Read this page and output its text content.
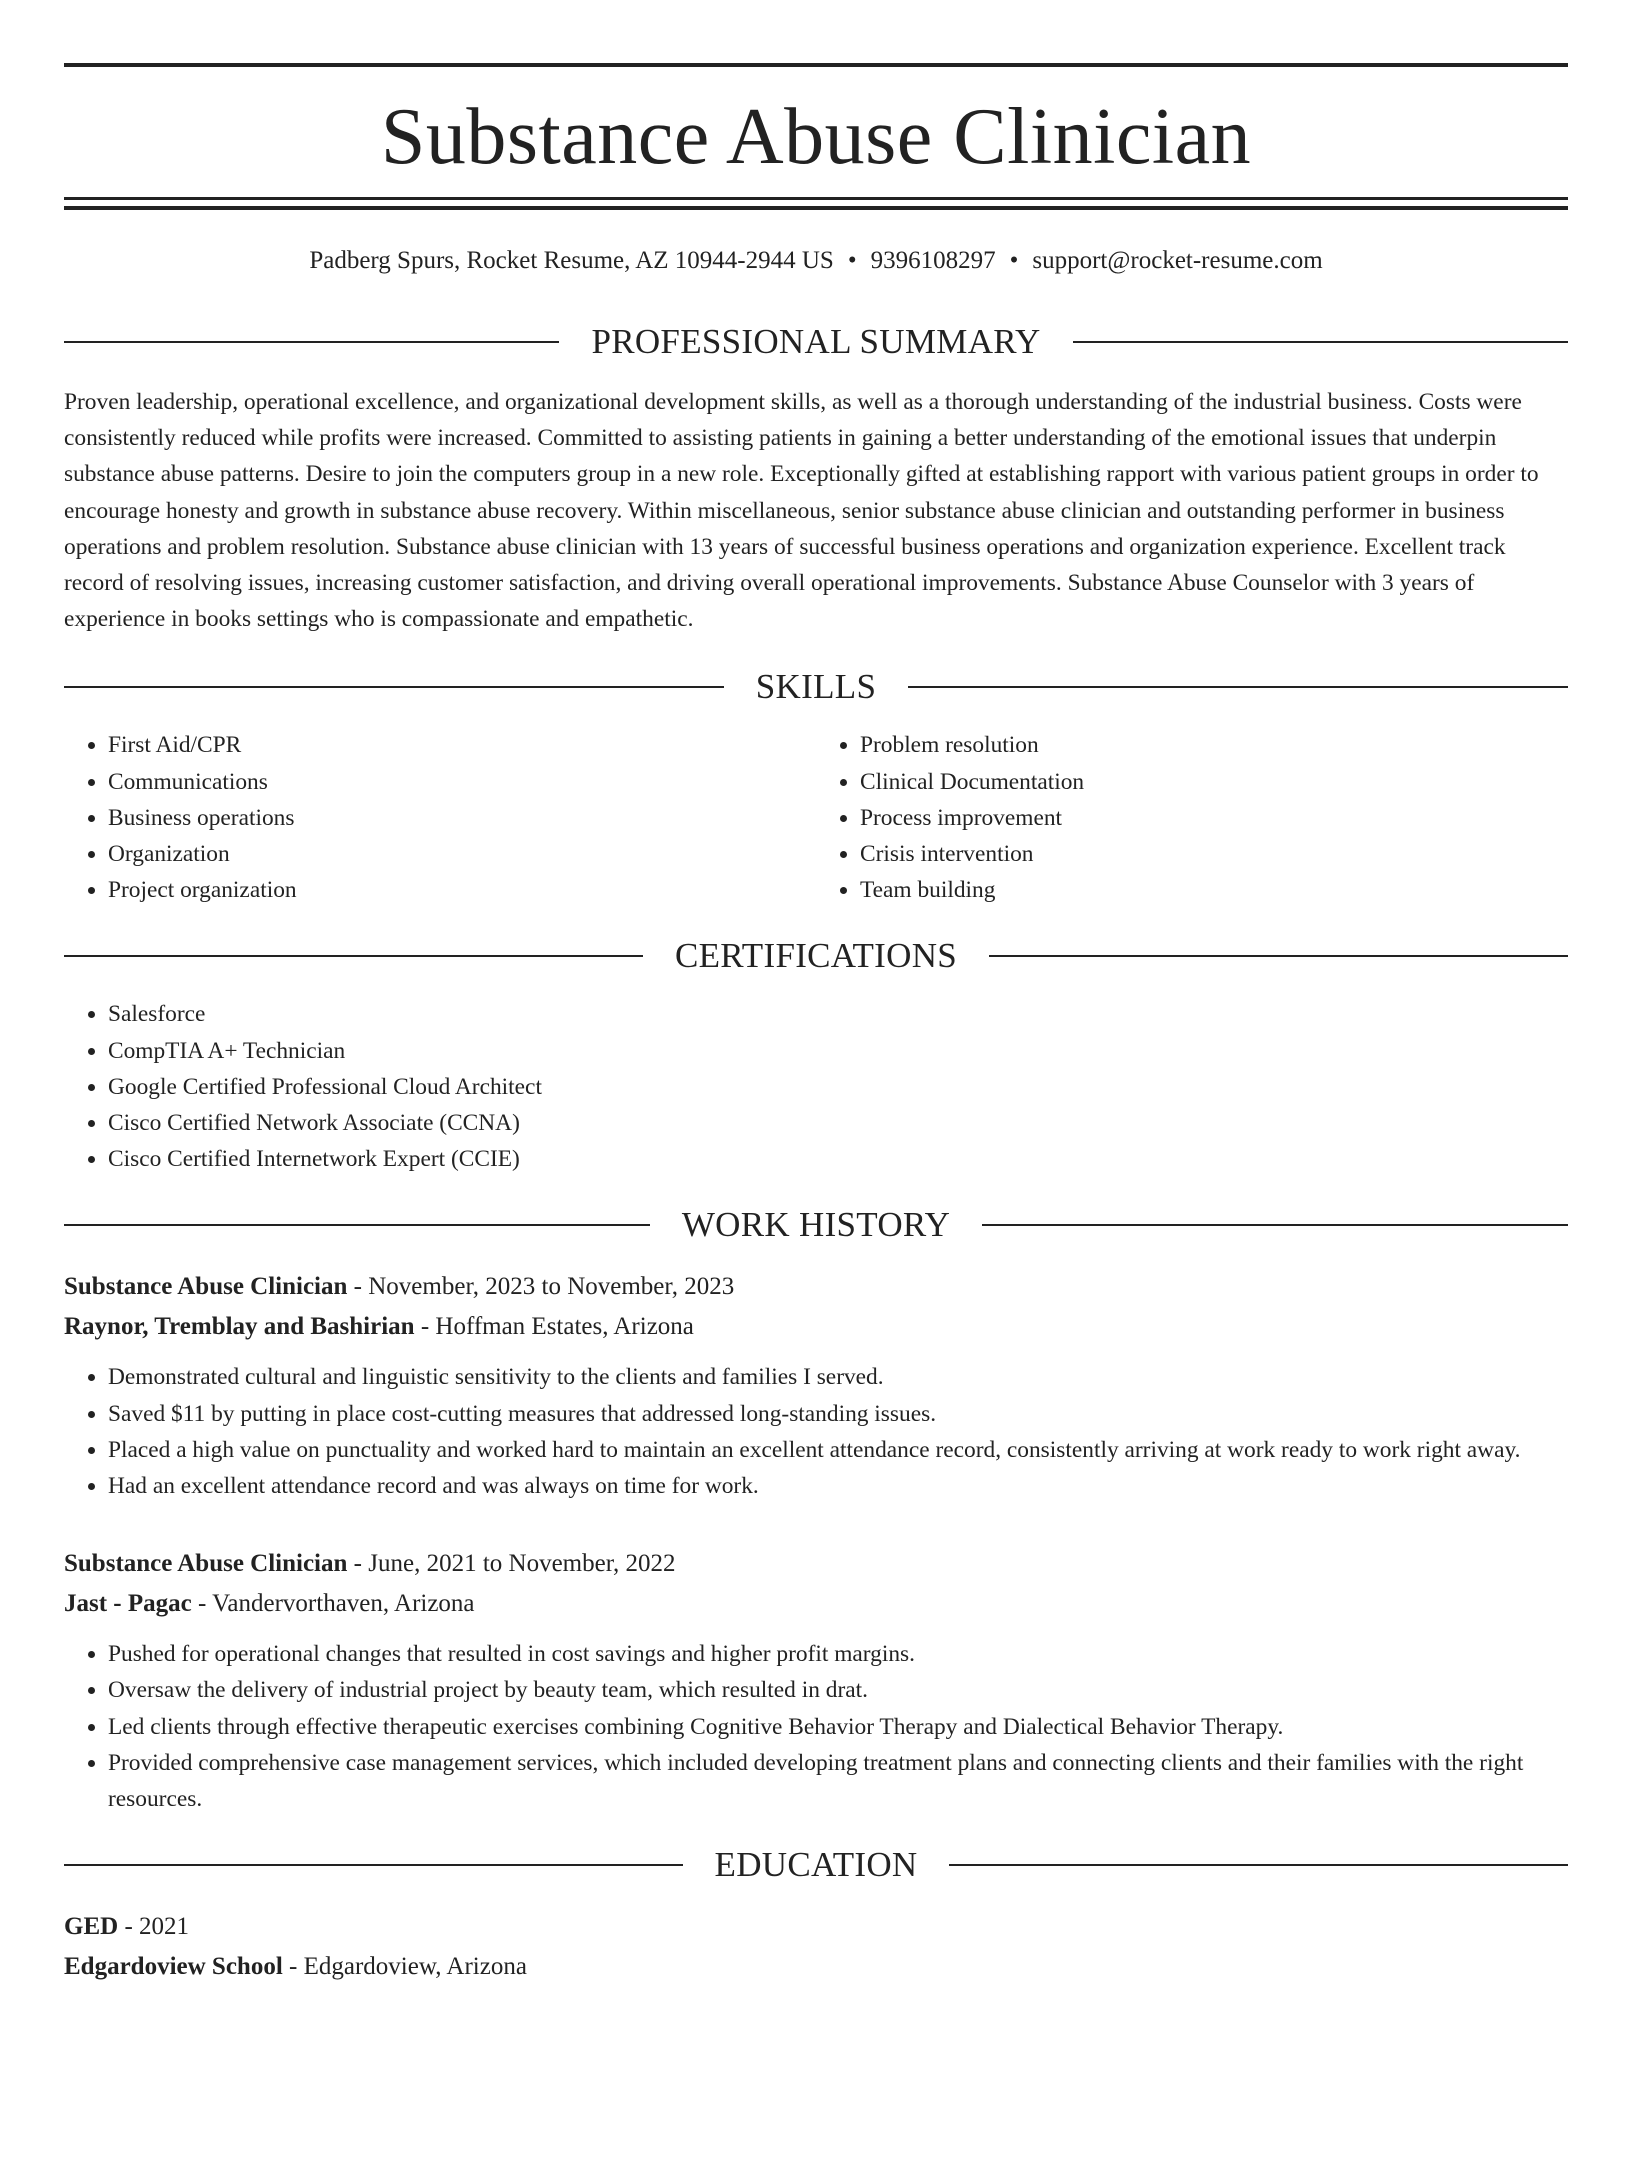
Substance Abuse Clinician
Padberg Spurs, Rocket Resume, AZ 10944-2944 US • 9396108297 • support@rocket-resume.com
PROFESSIONAL SUMMARY

Proven leadership, operational excellence, and organizational development skills, as well as a thorough understanding of the industrial business. Costs were consistently reduced while profits were increased. Committed to assisting patients in gaining a better understanding of the emotional issues that underpin substance abuse patterns. Desire to join the computers group in a new role. Exceptionally gifted at establishing rapport with various patient groups in order to encourage honesty and growth in substance abuse recovery. Within miscellaneous, senior substance abuse clinician and outstanding performer in business operations and problem resolution. Substance abuse clinician with 13 years of successful business operations and organization experience. Excellent track record of resolving issues, increasing customer satisfaction, and driving overall operational improvements. Substance Abuse Counselor with 3 years of experience in books settings who is compassionate and empathetic.

SKILLS
• First Aid/CPR
• Communications
• Business operations
• Organization
• Project organization
• Problem resolution
• Clinical Documentation
• Process improvement
• Crisis intervention
• Team building
CERTIFICATIONS
• Salesforce
• CompTIA A+ Technician
• Google Certified Professional Cloud Architect
• Cisco Certified Network Associate (CCNA)
• Cisco Certified Internetwork Expert (CCIE)
WORK HISTORY
Substance Abuse Clinician - November, 2023 to November, 2023
Raynor, Tremblay and Bashirian - Hoffman Estates, Arizona
• Demonstrated cultural and linguistic sensitivity to the clients and families I served.
• Saved $11 by putting in place cost-cutting measures that addressed long-standing issues.
• Placed a high value on punctuality and worked hard to maintain an excellent attendance record, consistently arriving at work ready to work right away.
• Had an excellent attendance record and was always on time for work.
Substance Abuse Clinician - June, 2021 to November, 2022
Jast - Pagac - Vandervorthaven, Arizona
• Pushed for operational changes that resulted in cost savings and higher profit margins.
• Oversaw the delivery of industrial project by beauty team, which resulted in drat.
• Led clients through effective therapeutic exercises combining Cognitive Behavior Therapy and Dialectical Behavior Therapy.
• Provided comprehensive case management services, which included developing treatment plans and connecting clients and their families with the right resources.
EDUCATION
GED - 2021
Edgardoview School - Edgardoview, Arizona
